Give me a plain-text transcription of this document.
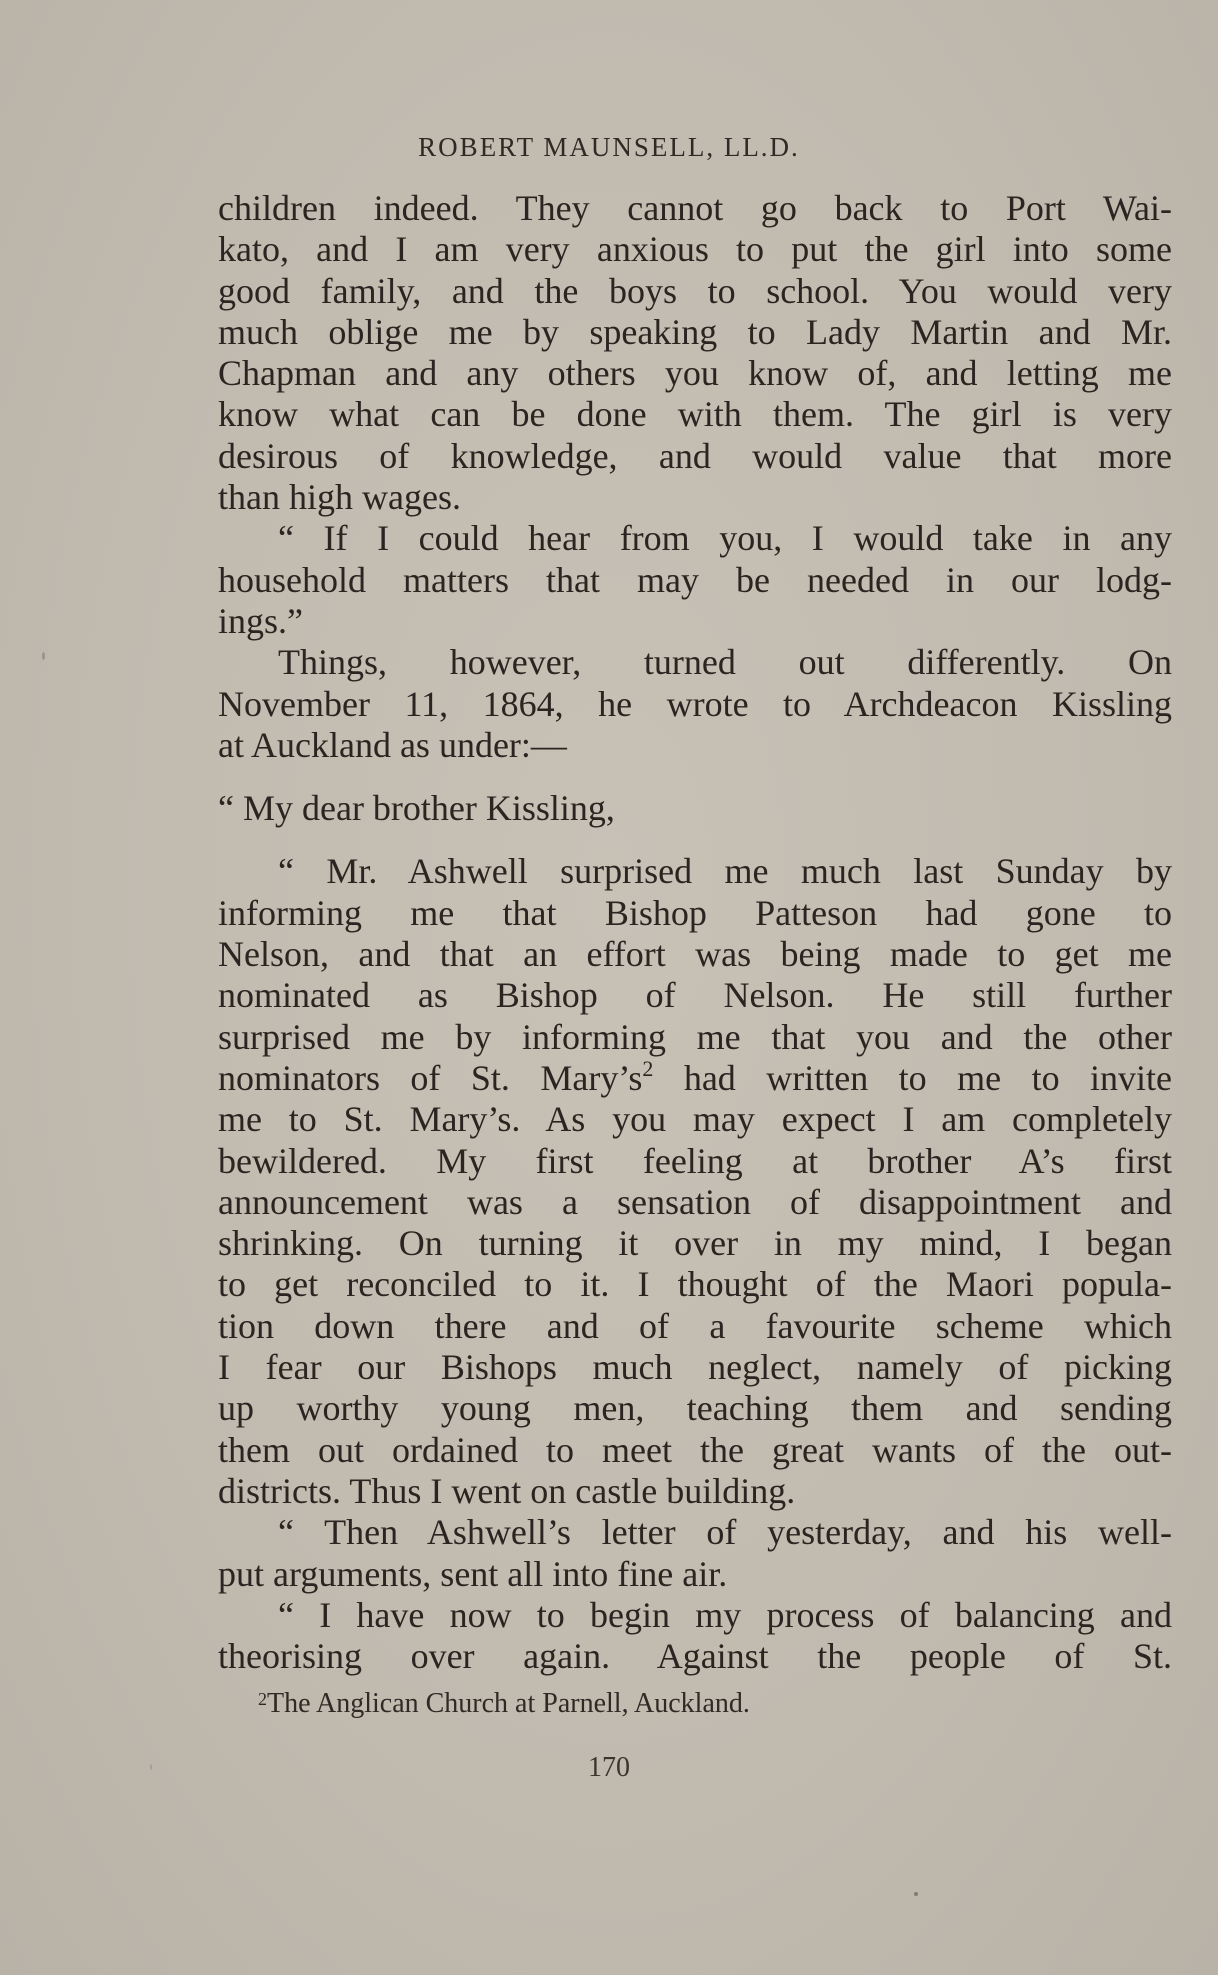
ROBERT MAUNSELL, LL.D.
children indeed. They cannot go back to Port Wai-
kato, and I am very anxious to put the girl into some
good family, and the boys to school. You would very
much oblige me by speaking to Lady Martin and Mr.
Chapman and any others you know of, and letting me
know what can be done with them. The girl is very
desirous of knowledge, and would value that more
than high wages.
“ If I could hear from you, I would take in any
household matters that may be needed in our lodg-
ings.”
Things, however, turned out differently. On
November 11, 1864, he wrote to Archdeacon Kissling
at Auckland as under:—
“ My dear brother Kissling,
“ Mr. Ashwell surprised me much last Sunday by
informing me that Bishop Patteson had gone to
Nelson, and that an effort was being made to get me
nominated as Bishop of Nelson. He still further
surprised me by informing me that you and the other
nominators of St. Mary’s$^2$ had written to me to invite
me to St. Mary’s. As you may expect I am completely
bewildered. My first feeling at brother A’s first
announcement was a sensation of disappointment and
shrinking. On turning it over in my mind, I began
to get reconciled to it. I thought of the Maori popula-
tion down there and of a favourite scheme which
I fear our Bishops much neglect, namely of picking
up worthy young men, teaching them and sending
them out ordained to meet the great wants of the out-
districts. Thus I went on castle building.
“ Then Ashwell’s letter of yesterday, and his well-
put arguments, sent all into fine air.
“ I have now to begin my process of balancing and
theorising over again. Against the people of St.
$^2$The Anglican Church at Parnell, Auckland.
170
